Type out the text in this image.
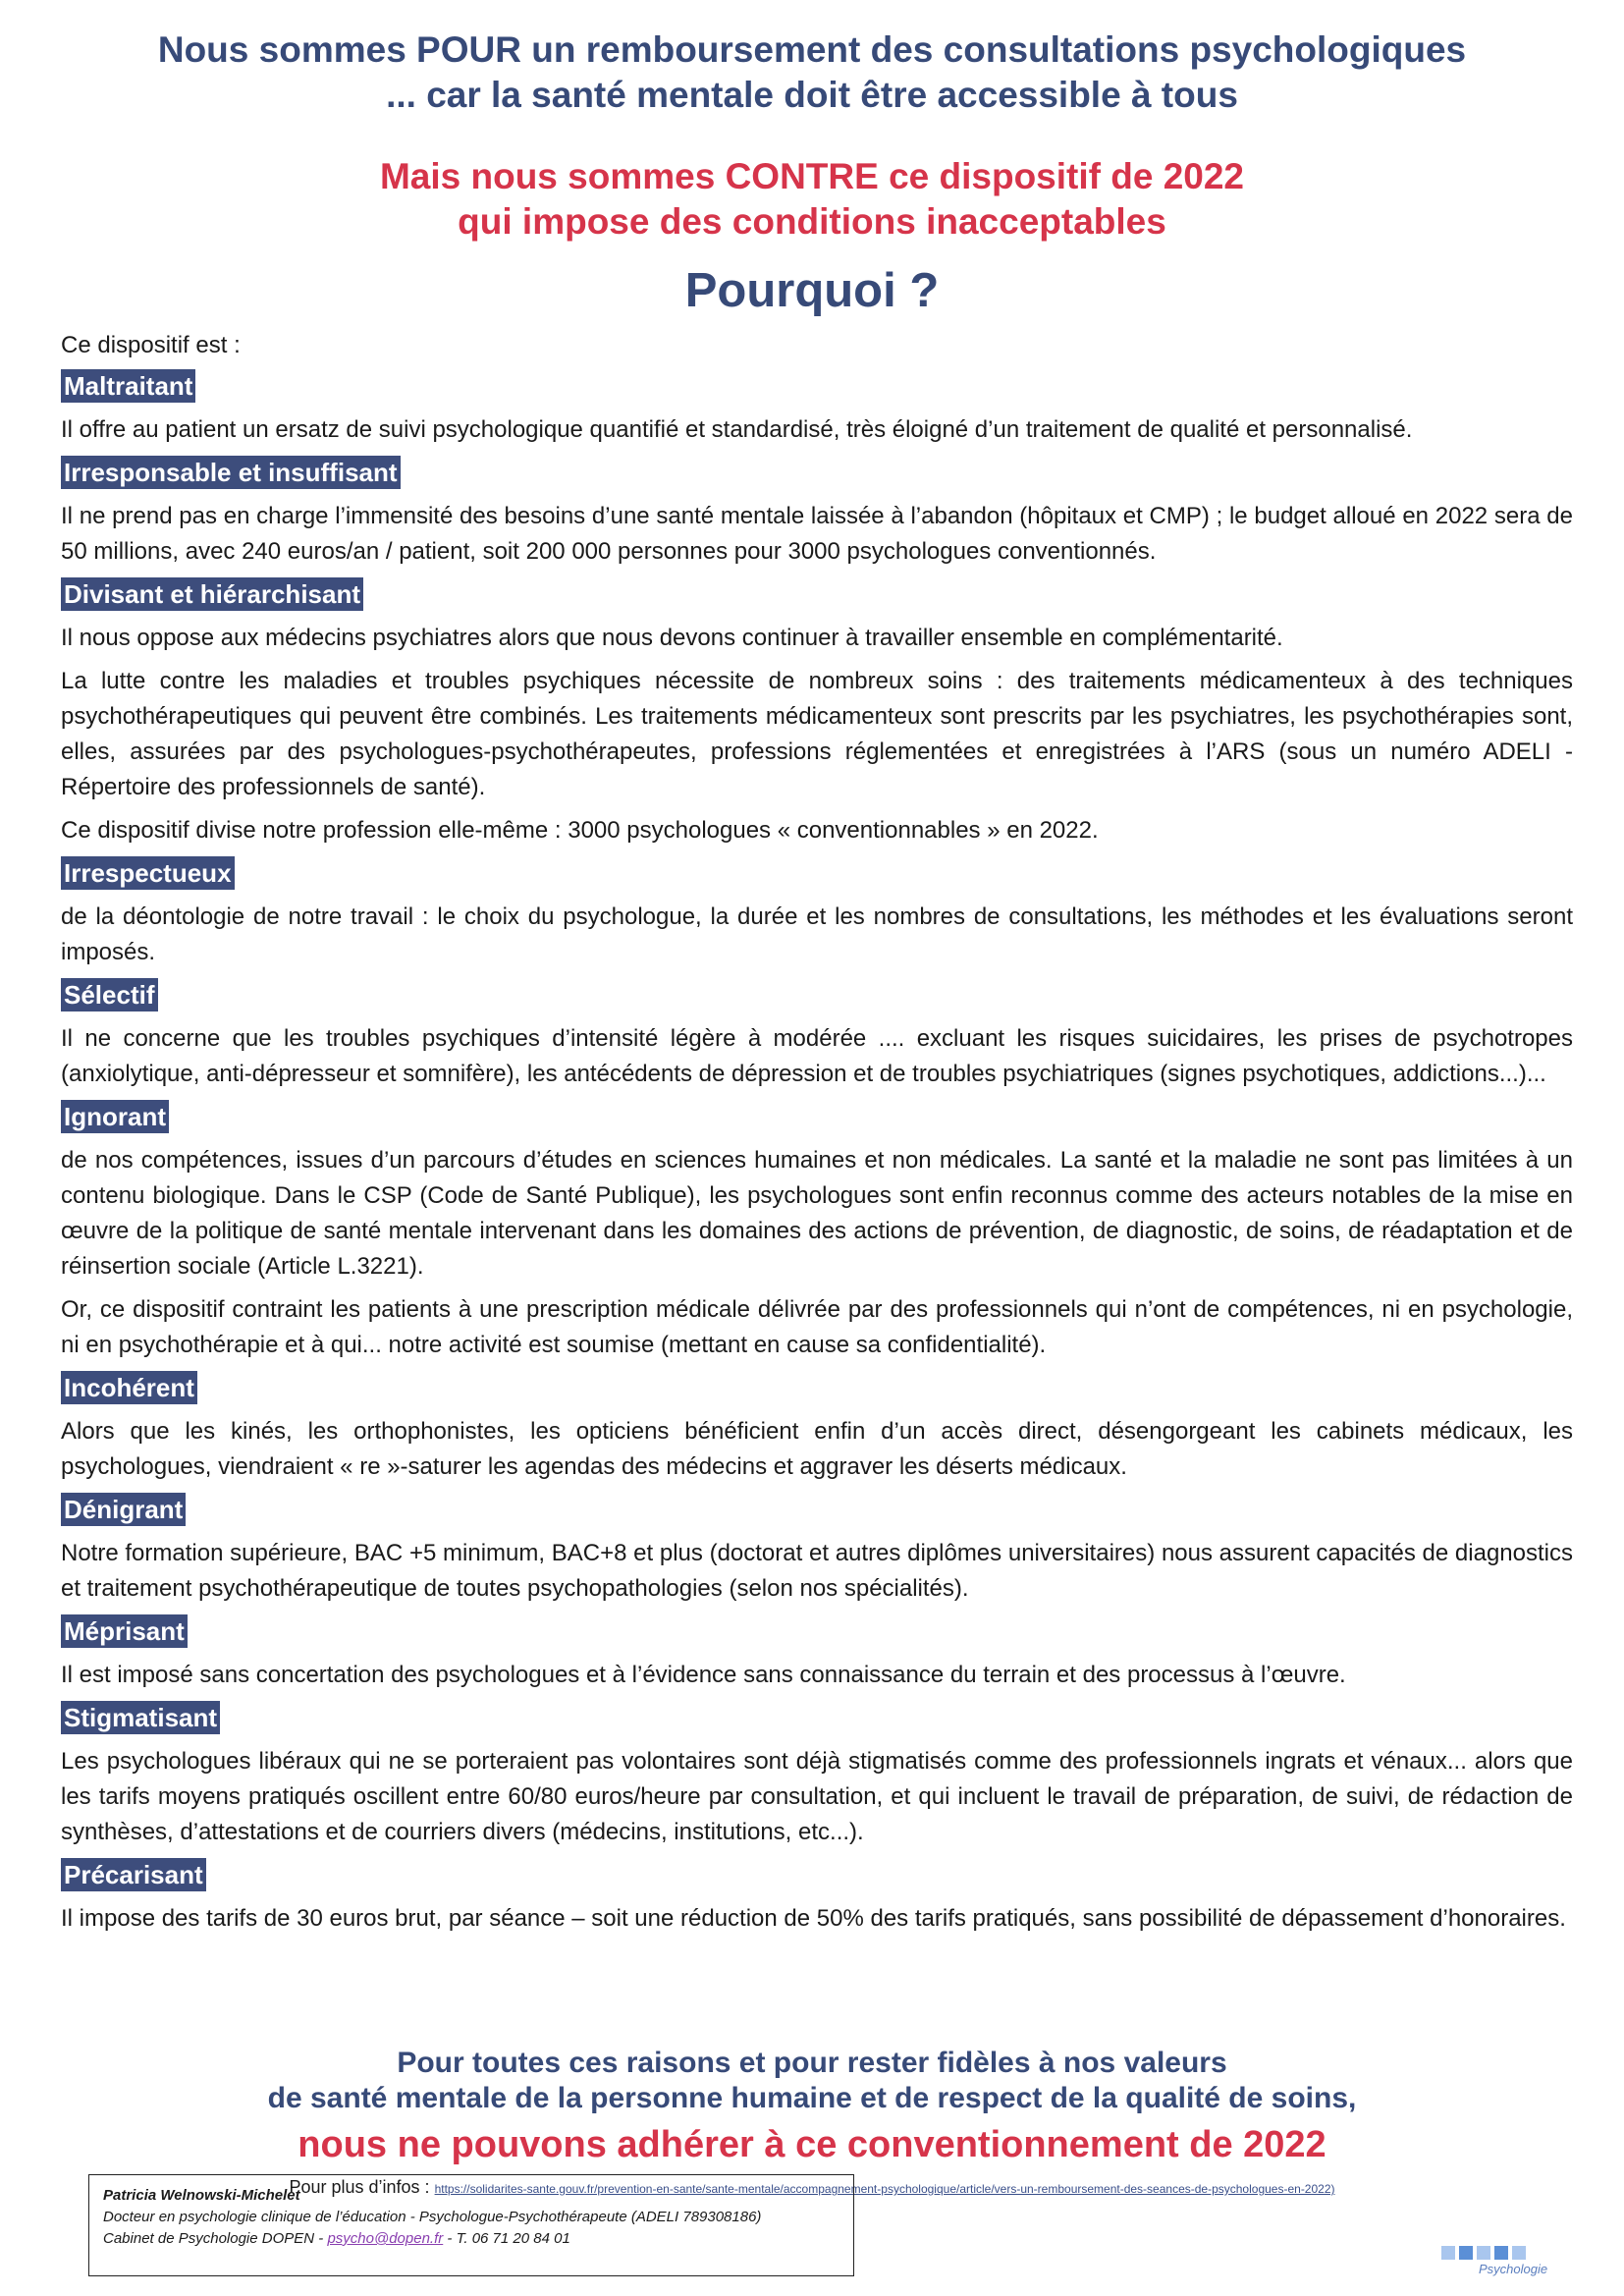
Nous sommes POUR un remboursement des consultations psychologiques
... car la santé mentale doit être accessible à tous
Mais nous sommes CONTRE ce dispositif de 2022
qui impose des conditions inacceptables
Pourquoi ?

Ce dispositif est :

Maltraitant

Il offre au patient un ersatz de suivi psychologique quantifié et standardisé, très éloigné d’un traitement de qualité et personnalisé.

Irresponsable et insuffisant

Il ne prend pas en charge l’immensité des besoins d’une santé mentale laissée à l’abandon (hôpitaux et CMP) ; le budget alloué en 2022 sera de 50 millions, avec 240 euros/an / patient, soit 200 000 personnes pour 3000 psychologues conventionnés.

Divisant et hiérarchisant

Il nous oppose aux médecins psychiatres alors que nous devons continuer à travailler ensemble en complémentarité.

La lutte contre les maladies et troubles psychiques nécessite de nombreux soins : des traitements médicamenteux à des techniques psychothérapeutiques qui peuvent être combinés. Les traitements médicamenteux sont prescrits par les psychiatres, les psychothérapies sont, elles, assurées par des psychologues-psychothérapeutes, professions réglementées et enregistrées à l’ARS (sous un numéro ADELI - Répertoire des professionnels de santé).

Ce dispositif divise notre profession elle-même : 3000 psychologues « conventionnables » en 2022.

Irrespectueux

de la déontologie de notre travail : le choix du psychologue, la durée et les nombres de consultations, les méthodes et les évaluations seront imposés.

Sélectif

Il ne concerne que les troubles psychiques d’intensité légère à modérée .... excluant les risques suicidaires, les prises de psychotropes (anxiolytique, anti-dépresseur et somnifère), les antécédents de dépression et de troubles psychiatriques (signes psychotiques, addictions...)...

Ignorant

de nos compétences, issues d’un parcours d’études en sciences humaines et non médicales. La santé et la maladie ne sont pas limitées à un contenu biologique. Dans le CSP (Code de Santé Publique), les psychologues sont enfin reconnus comme des acteurs notables de la mise en œuvre de la politique de santé mentale intervenant dans les domaines des actions de prévention, de diagnostic, de soins, de réadaptation et de réinsertion sociale (Article L.3221).

Or, ce dispositif contraint les patients à une prescription médicale délivrée par des professionnels qui n’ont de compétences, ni en psychologie, ni en psychothérapie et à qui... notre activité est soumise (mettant en cause sa confidentialité).

Incohérent

Alors que les kinés, les orthophonistes, les opticiens bénéficient enfin d’un accès direct, désengorgeant les cabinets médicaux, les psychologues, viendraient « re »-saturer les agendas des médecins et aggraver les déserts médicaux.

Dénigrant

Notre formation supérieure, BAC +5 minimum, BAC+8 et plus (doctorat et autres diplômes universitaires) nous assurent capacités de diagnostics et traitement psychothérapeutique de toutes psychopathologies (selon nos spécialités).

Méprisant

Il est imposé sans concertation des psychologues et à l’évidence sans connaissance du terrain et des processus à l’œuvre.

Stigmatisant

Les psychologues libéraux qui ne se porteraient pas volontaires sont déjà stigmatisés comme des professionnels ingrats et vénaux... alors que les tarifs moyens pratiqués oscillent entre 60/80 euros/heure par consultation, et qui incluent le travail de préparation, de suivi, de rédaction de synthèses, d’attestations et de courriers divers (médecins, institutions, etc...).

Précarisant

Il impose des tarifs de 30 euros brut, par séance – soit une réduction de 50% des tarifs pratiqués, sans possibilité de dépassement d’honoraires.

Pour toutes ces raisons et pour rester fidèles à nos valeurs
de santé mentale de la personne humaine et de respect de la qualité de soins,
nous ne pouvons adhérer à ce conventionnement de 2022
Pour plus d’infos : https://solidarites-sante.gouv.fr/prevention-en-sante/sante-mentale/accompagnement-psychologique/article/vers-un-remboursement-des-seances-de-psychologues-en-2022)
Patricia Welnowski-Michelet
Docteur en psychologie clinique de l’éducation - Psychologue-Psychothérapeute (ADELI 789308186)
Cabinet de Psychologie DOPEN - psycho@dopen.fr - T. 06 71 20 84 01
Psychologie
